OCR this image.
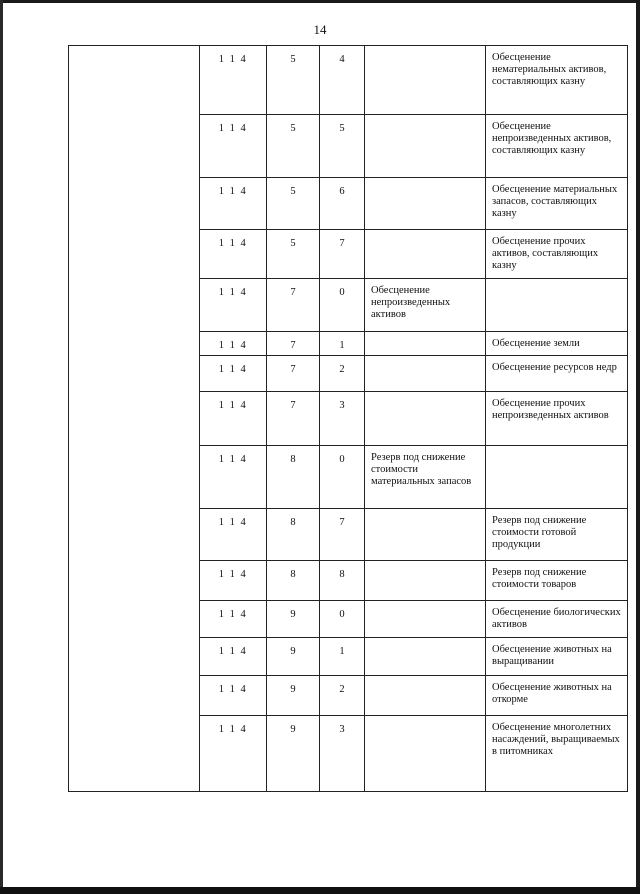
14
	1 1 4	5	4		Обесценение нематериальных активов, составляющих казну
	1 1 4	5	5		Обесценение непроизведенных активов, составляющих казну
	1 1 4	5	6		Обесценение материальных запасов, составляющих казну
	1 1 4	5	7		Обесценение прочих активов, составляющих казну
	1 1 4	7	0	Обесценение непроизведенных активов	
	1 1 4	7	1		Обесценение земли
	1 1 4	7	2		Обесценение ресурсов недр
	1 1 4	7	3		Обесценение прочих непроизведенных активов
	1 1 4	8	0	Резерв под снижение стоимости материальных запасов	
	1 1 4	8	7		Резерв под снижение стоимости готовой продукции
	1 1 4	8	8		Резерв под снижение стоимости товаров
	1 1 4	9	0		Обесценение биологических активов
	1 1 4	9	1		Обесценение животных на выращивании
	1 1 4	9	2		Обесценение животных на откорме
	1 1 4	9	3		Обесценение многолетних насаждений, выращиваемых в питомниках
